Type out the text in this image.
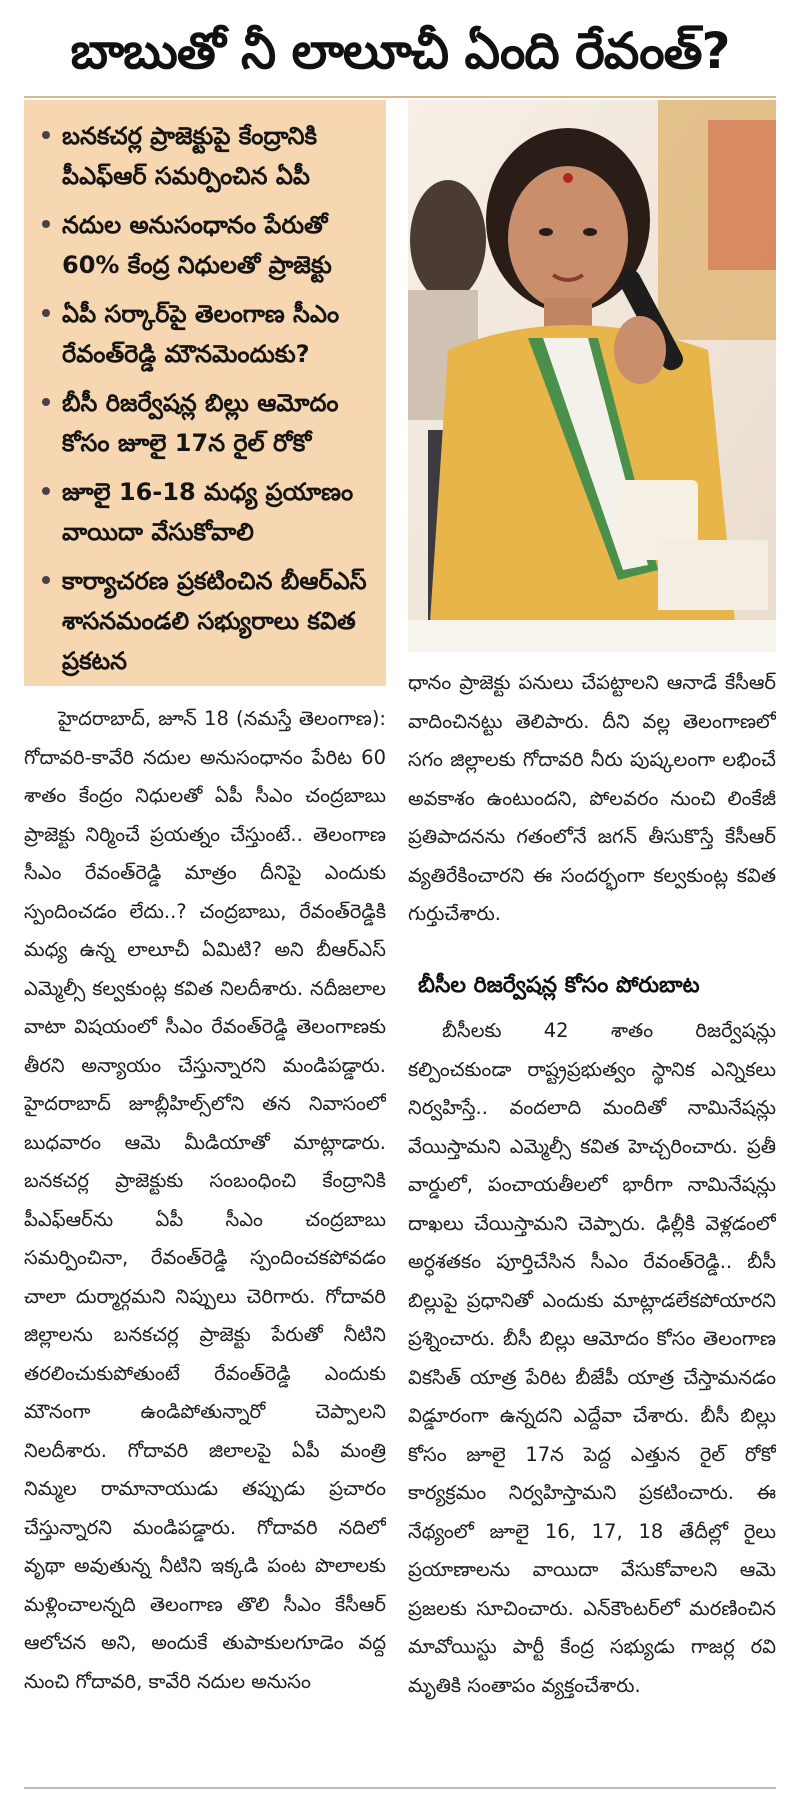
బాబుతో నీ లాలూచీ ఏంది రేవంత్?
బనకచర్ల ప్రాజెక్టుపై కేంద్రానికి పీఎఫ్ఆర్ సమర్పించిన ఏపీ
నదుల అనుసంధానం పేరుతో 60% కేంద్ర నిధులతో ప్రాజెక్టు
ఏపీ సర్కార్‌పై తెలంగాణ సీఎం రేవంత్‌రెడ్డి మౌనమెందుకు?
బీసీ రిజర్వేషన్ల బిల్లు ఆమోదం కోసం జూలై 17న రైల్ రోకో
జూలై 16-18 మధ్య ప్రయాణం వాయిదా వేసుకోవాలి
కార్యాచరణ ప్రకటించిన బీఆర్ఎస్ శాసనమండలి సభ్యురాలు కవిత ప్రకటన

హైదరాబాద్, జూన్ 18 (నమస్తే తెలంగాణ): గోదావరి-కావేరి నదుల అనుసంధానం పేరిట 60 శాతం కేంద్రం నిధులతో ఏపీ సీఎం చంద్రబాబు ప్రాజెక్టు నిర్మించే ప్రయత్నం చేస్తుంటే.. తెలంగాణ సీఎం రేవంత్‌రెడ్డి మాత్రం దీనిపై ఎందుకు స్పందించడం లేదు..? చంద్రబాబు, రేవంత్‌రెడ్డికి మధ్య ఉన్న లాలూచీ ఏమిటి? అని బీఆర్ఎస్ ఎమ్మెల్సీ కల్వకుంట్ల కవిత నిలదీశారు. నదీజలాల వాటా విషయంలో సీఎం రేవంత్‌రెడ్డి తెలంగాణకు తీరని అన్యాయం చేస్తున్నారని మండిపడ్డారు. హైదరాబాద్ జూబ్లీహిల్స్‌లోని తన నివాసంలో బుధవారం ఆమె మీడియాతో మాట్లాడారు. బనకచర్ల ప్రాజెక్టుకు సంబంధించి కేంద్రానికి పీఎఫ్ఆర్‌ను ఏపీ సీఎం చంద్రబాబు సమర్పించినా, రేవంత్‌రెడ్డి స్పందించకపోవడం చాలా దుర్మార్గమని నిప్పులు చెరిగారు. గోదావరి జిల్లాలను బనకచర్ల ప్రాజెక్టు పేరుతో నీటిని తరలించుకుపోతుంటే రేవంత్‌రెడ్డి ఎందుకు మౌనంగా ఉండిపోతున్నారో చెప్పాలని నిలదీశారు. గోదావరి జిలాలపై ఏపీ మంత్రి నిమ్మల రామానాయుడు తప్పుడు ప్రచారం చేస్తున్నారని మండిపడ్డారు. గోదావరి నదిలో వృథా అవుతున్న నీటిని ఇక్కడి పంట పొలాలకు మళ్లించాలన్నది తెలంగాణ తొలి సీఎం కేసీఆర్ ఆలోచన అని, అందుకే తుపాకులగూడెం వద్ద నుంచి గోదావరి, కావేరి నదుల అనుసం

ధానం ప్రాజెక్టు పనులు చేపట్టాలని ఆనాడే కేసీఆర్ వాదించినట్టు తెలిపారు. దీని వల్ల తెలంగాణలో సగం జిల్లాలకు గోదావరి నీరు పుష్కలంగా లభించే అవకాశం ఉంటుందని, పోలవరం నుంచి లింకేజీ ప్రతిపాదనను గతంలోనే జగన్ తీసుకొస్తే కేసీఆర్ వ్యతిరేకించారని ఈ సందర్భంగా కల్వకుంట్ల కవిత గుర్తుచేశారు.

బీసీల రిజర్వేషన్ల కోసం పోరుబాట

బీసీలకు 42 శాతం రిజర్వేషన్లు కల్పించకుండా రాష్ట్రప్రభుత్వం స్థానిక ఎన్నికలు నిర్వహిస్తే.. వందలాది మందితో నామినేషన్లు వేయిస్తామని ఎమ్మెల్సీ కవిత హెచ్చరించారు. ప్రతీ వార్డులో, పంచాయతీలలో భారీగా నామినేషన్లు దాఖలు చేయిస్తామని చెప్పారు. ఢిల్లీకి వెళ్లడంలో అర్ధశతకం పూర్తిచేసిన సీఎం రేవంత్‌రెడ్డి.. బీసీ బిల్లుపై ప్రధానితో ఎందుకు మాట్లాడలేకపోయారని ప్రశ్నించారు. బీసీ బిల్లు ఆమోదం కోసం తెలంగాణ వికసిత్ యాత్ర పేరిట బీజేపీ యాత్ర చేస్తామనడం విడ్డూరంగా ఉన్నదని ఎద్దేవా చేశారు. బీసీ బిల్లు కోసం జూలై 17న పెద్ద ఎత్తున రైల్ రోకో కార్యక్రమం నిర్వహిస్తామని ప్రకటించారు. ఈ నేథ్యంలో జూలై 16, 17, 18 తేదీల్లో రైలు ప్రయాణాలను వాయిదా వేసుకోవాలని ఆమె ప్రజలకు సూచించారు. ఎన్‌కౌంటర్‌లో మరణించిన మావోయిస్టు పార్టీ కేంద్ర సభ్యుడు గాజర్ల రవి మృతికి సంతాపం వ్యక్తంచేశారు.
